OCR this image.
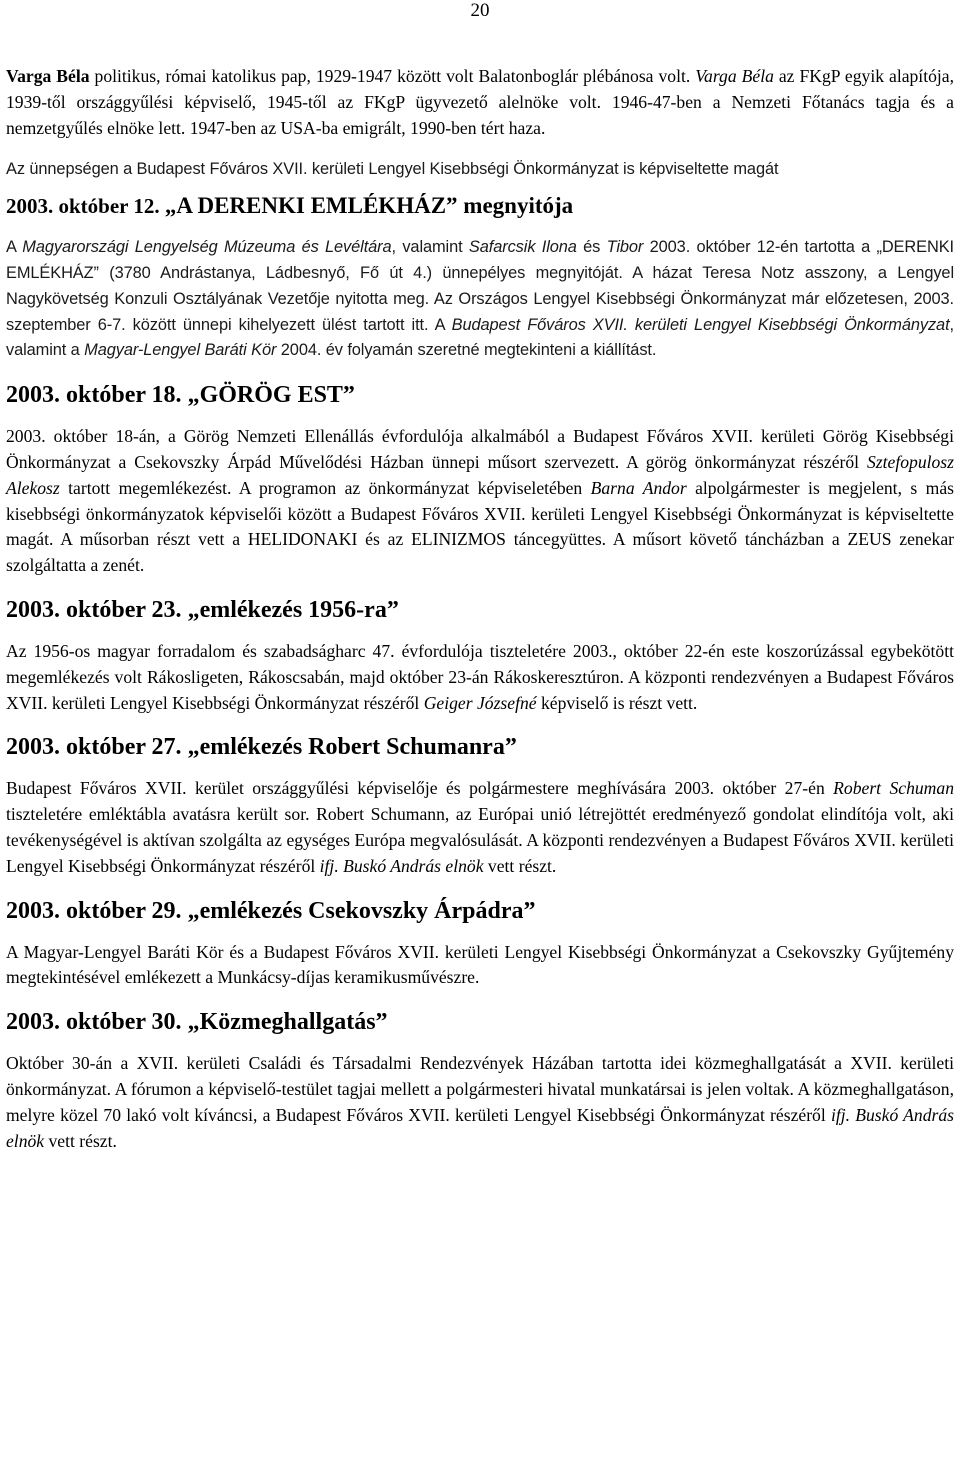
20

Varga Béla politikus, római katolikus pap, 1929-1947 között volt Balatonboglár plébánosa volt. Varga Béla az FKgP egyik alapítója, 1939-től országgyűlési képviselő, 1945-től az FKgP ügyvezető alelnöke volt. 1946-47-ben a Nemzeti Főtanács tagja és a nemzetgyűlés elnöke lett. 1947-ben az USA-ba emigrált, 1990-ben tért haza.

Az ünnepségen a Budapest Főváros XVII. kerületi Lengyel Kisebbségi Önkormányzat is képviseltette magát

2003. október 12. „A DERENKI EMLÉKHÁZ” megnyitója

A Magyarországi Lengyelség Múzeuma és Levéltára, valamint Safarcsik Ilona és Tibor 2003. október 12-én tartotta a „DERENKI EMLÉKHÁZ” (3780 Andrástanya, Ládbesnyő, Fő út 4.) ünnepélyes megnyitóját. A házat Teresa Notz asszony, a Lengyel Nagykövetség Konzuli Osztályának Vezetője nyitotta meg. Az Országos Lengyel Kisebbségi Önkormányzat már előzetesen, 2003. szeptember 6-7. között ünnepi kihelyezett ülést tartott itt. A Budapest Főváros XVII. kerületi Lengyel Kisebbségi Önkormányzat, valamint a Magyar-Lengyel Baráti Kör 2004. év folyamán szeretné megtekinteni a kiállítást.

2003. október 18. „GÖRÖG EST”

2003. október 18-án, a Görög Nemzeti Ellenállás évfordulója alkalmából a Budapest Főváros XVII. kerületi Görög Kisebbségi Önkormányzat a Csekovszky Árpád Művelődési Házban ünnepi műsort szervezett. A görög önkormányzat részéről Sztefopulosz Alekosz tartott megemlékezést. A programon az önkormányzat képviseletében Barna Andor alpolgármester is megjelent, s más kisebbségi önkormányzatok képviselői között a Budapest Főváros XVII. kerületi Lengyel Kisebbségi Önkormányzat is képviseltette magát. A műsorban részt vett a HELIDONAKI és az ELINIZMOS táncegyüttes. A műsort követő táncházban a ZEUS zenekar szolgáltatta a zenét.

2003. október 23. „emlékezés 1956-ra”

Az 1956-os magyar forradalom és szabadságharc 47. évfordulója tiszteletére 2003., október 22-én este koszorúzással egybekötött megemlékezés volt Rákosligeten, Rákoscsabán, majd október 23-án Rákoskeresztúron. A központi rendezvényen a Budapest Főváros XVII. kerületi Lengyel Kisebbségi Önkormányzat részéről Geiger Józsefné képviselő is részt vett.

2003. október 27. „emlékezés Robert Schumanra”

Budapest Főváros XVII. kerület országgyűlési képviselője és polgármestere meghívására 2003. október 27-én Robert Schuman tiszteletére emléktábla avatásra került sor. Robert Schumann, az Európai unió létrejöttét eredményező gondolat elindítója volt, aki tevékenységével is aktívan szolgálta az egységes Európa megvalósulását. A központi rendezvényen a Budapest Főváros XVII. kerületi Lengyel Kisebbségi Önkormányzat részéről ifj. Buskó András elnök vett részt.

2003. október 29. „emlékezés Csekovszky Árpádra”

A Magyar-Lengyel Baráti Kör és a Budapest Főváros XVII. kerületi Lengyel Kisebbségi Önkormányzat a Csekovszky Gyűjtemény megtekintésével emlékezett a Munkácsy-díjas keramikusművészre.

2003. október 30. „Közmeghallgatás”

Október 30-án a XVII. kerületi Családi és Társadalmi Rendezvények Házában tartotta idei közmeghallgatását a XVII. kerületi önkormányzat. A fórumon a képviselő-testület tagjai mellett a polgármesteri hivatal munkatársai is jelen voltak. A közmeghallgatáson, melyre közel 70 lakó volt kíváncsi, a Budapest Főváros XVII. kerületi Lengyel Kisebbségi Önkormányzat részéről ifj. Buskó András elnök vett részt.
